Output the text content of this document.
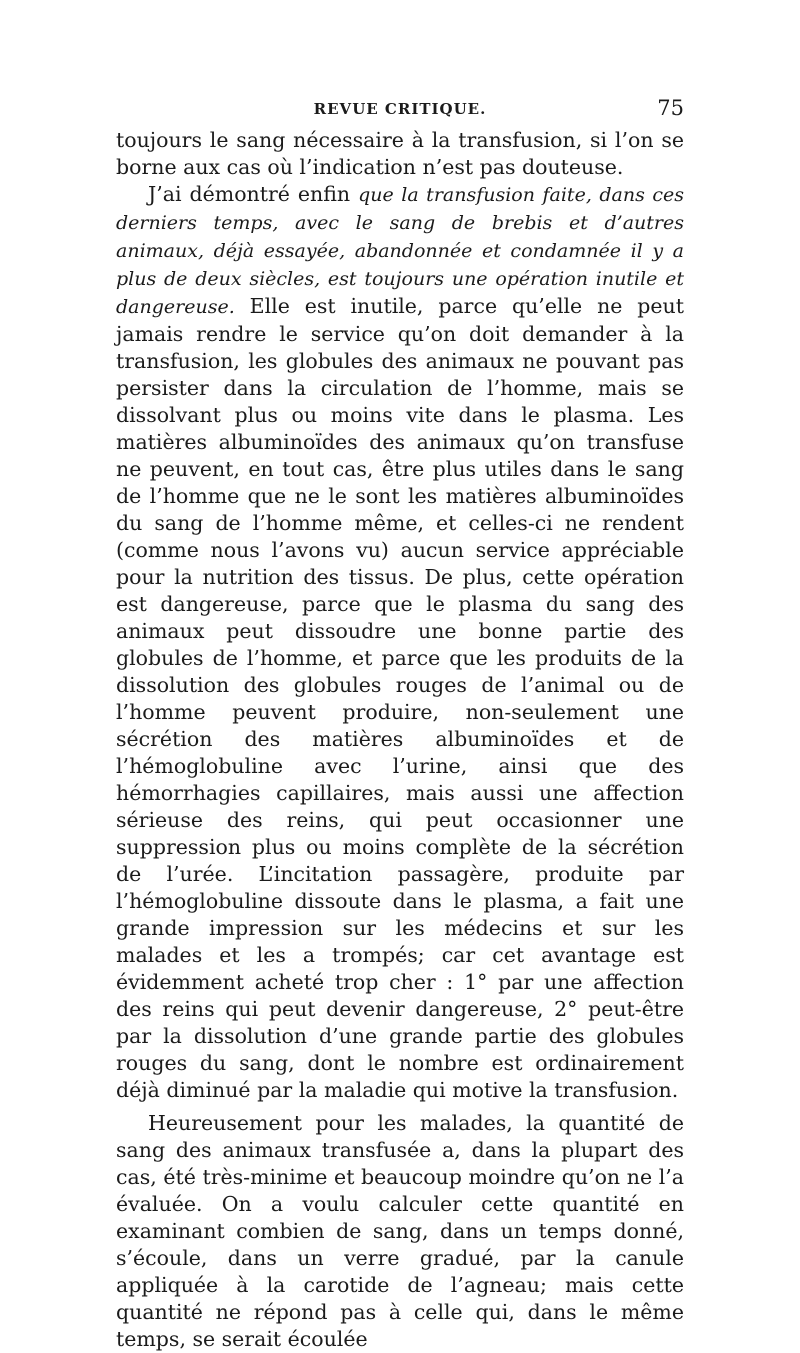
REVUE CRITIQUE.	75

toujours le sang nécessaire à la transfusion, si l’on se borne aux cas où l’indication n’est pas douteuse.

J’ai démontré enfin que la transfusion faite, dans ces derniers temps, avec le sang de brebis et d’autres animaux, déjà essayée, abandonnée et condamnée il y a plus de deux siècles, est toujours une opération inutile et dangereuse. Elle est inutile, parce qu’elle ne peut jamais rendre le service qu’on doit demander à la transfusion, les globules des animaux ne pouvant pas persister dans la circulation de l’homme, mais se dissolvant plus ou moins vite dans le plasma. Les matières albuminoïdes des animaux qu’on transfuse ne peuvent, en tout cas, être plus utiles dans le sang de l’homme que ne le sont les matières albuminoïdes du sang de l’homme même, et celles-ci ne rendent (comme nous l’avons vu) aucun service appréciable pour la nutrition des tissus. De plus, cette opération est dangereuse, parce que le plasma du sang des animaux peut dissoudre une bonne partie des globules de l’homme, et parce que les produits de la dissolution des globules rouges de l’animal ou de l’homme peuvent produire, non-seulement une sécrétion des matières albuminoïdes et de l’hémoglobuline avec l’urine, ainsi que des hémorrhagies capillaires, mais aussi une affection sérieuse des reins, qui peut occasionner une suppression plus ou moins complète de la sécrétion de l’urée. L’incitation passagère, produite par l’hémoglobuline dissoute dans le plasma, a fait une grande impression sur les médecins et sur les malades et les a trompés; car cet avantage est évidemment acheté trop cher : 1° par une affection des reins qui peut devenir dangereuse, 2° peut-être par la dissolution d’une grande partie des globules rouges du sang, dont le nombre est ordinairement déjà diminué par la maladie qui motive la transfusion.

Heureusement pour les malades, la quantité de sang des animaux transfusée a, dans la plupart des cas, été très-minime et beaucoup moindre qu’on ne l’a évaluée. On a voulu calculer cette quantité en examinant combien de sang, dans un temps donné, s’écoule, dans un verre gradué, par la canule appliquée à la carotide de l’agneau; mais cette quantité ne répond pas à celle qui, dans le même temps, se serait écoulée
